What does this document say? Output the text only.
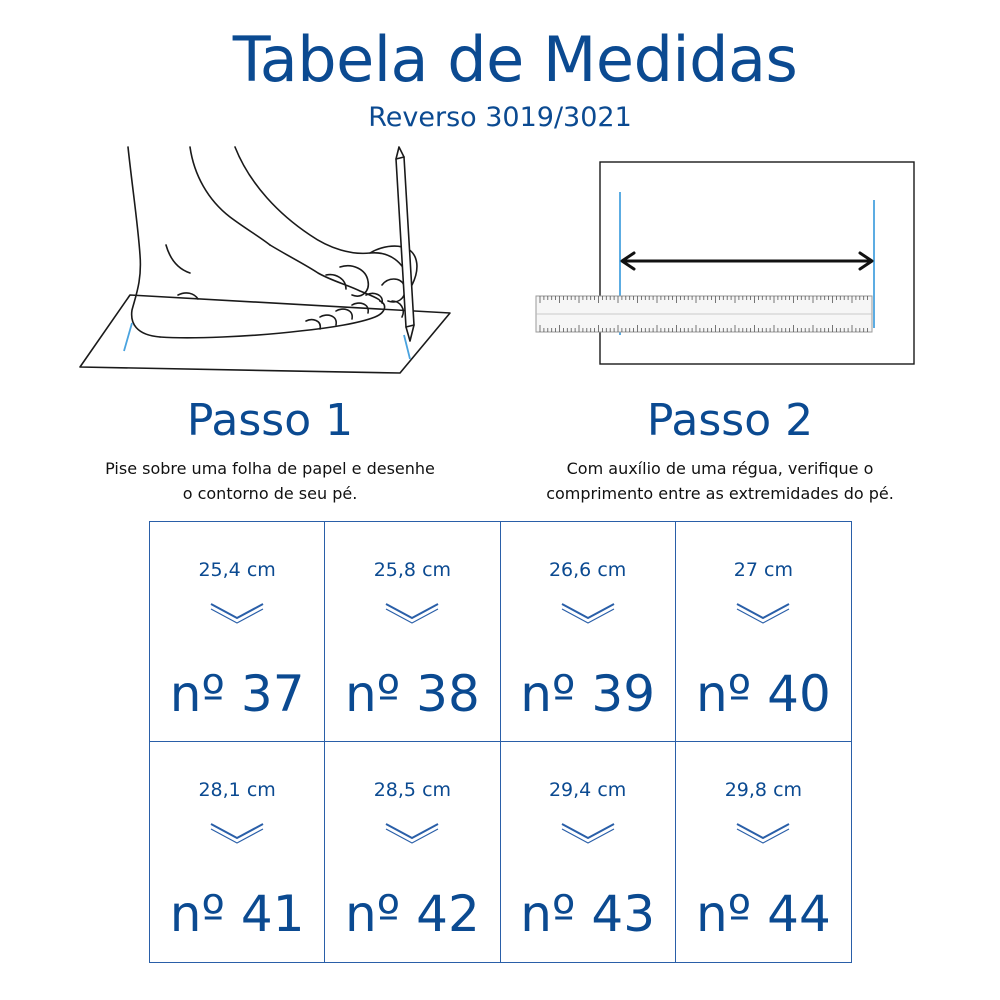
Tabela de Medidas
Reverso 3019/3021
Passo 1
Pise sobre uma folha de papel e desenhe
o contorno de seu pé.
Passo 2
Com auxílio de uma régua, verifique o
comprimento entre as extremidades do pé.
25,4 cm
nº 37
25,8 cm
nº 38
26,6 cm
nº 39
27 cm
nº 40
28,1 cm
nº 41
28,5 cm
nº 42
29,4 cm
nº 43
29,8 cm
nº 44
